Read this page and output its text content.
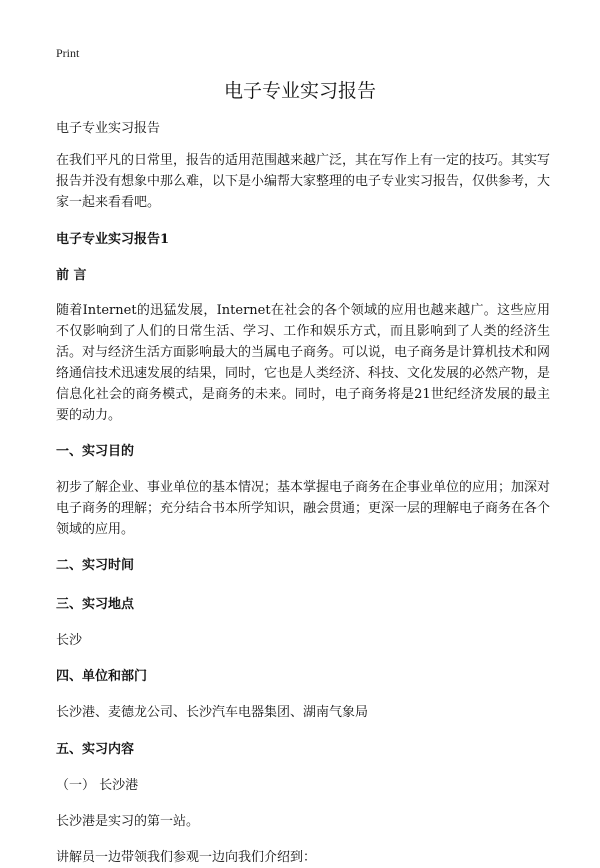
Print
电子专业实习报告

电子专业实习报告

在我们平凡的日常里，报告的适用范围越来越广泛，其在写作上有一定的技巧。其实写报告并没有想象中那么难，以下是小编帮大家整理的电子专业实习报告，仅供参考，大家一起来看看吧。

电子专业实习报告1

前 言

随着Internet的迅猛发展，Internet在社会的各个领域的应用也越来越广。这些应用不仅影响到了人们的日常生活、学习、工作和娱乐方式，而且影响到了人类的经济生活。对与经济生活方面影响最大的当属电子商务。可以说，电子商务是计算机技术和网络通信技术迅速发展的结果，同时，它也是人类经济、科技、文化发展的必然产物，是信息化社会的商务模式，是商务的未来。同时，电子商务将是21世纪经济发展的最主要的动力。

一、实习目的

初步了解企业、事业单位的基本情况；基本掌握电子商务在企事业单位的应用；加深对电子商务的理解；充分结合书本所学知识，融会贯通；更深一层的理解电子商务在各个领域的应用。

二、实习时间

三、实习地点

长沙

四、单位和部门

长沙港、麦德龙公司、长沙汽车电器集团、湖南气象局

五、实习内容

（一） 长沙港

长沙港是实习的第一站。

讲解员一边带领我们参观一边向我们介绍到：
